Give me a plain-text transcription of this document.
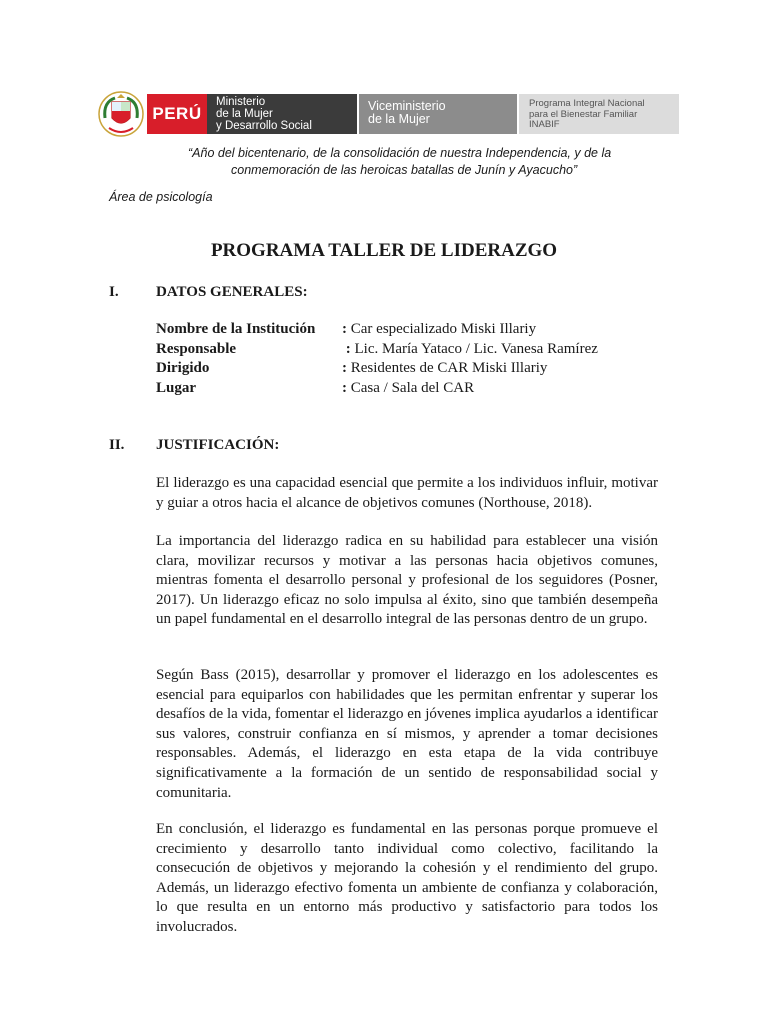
PERÚ
Ministerio
de la Mujer
y Desarrollo Social
Viceministerio
de la Mujer
Programa Integral Nacional
para el Bienestar Familiar
INABIF
“Año del bicentenario, de la consolidación de nuestra Independencia, y de la
conmemoración de las heroicas batallas de Junín y Ayacucho”
Área de psicología
PROGRAMA TALLER DE LIDERAZGO
I. DATOS GENERALES:
Nombre de la Institución	: Car especializado Miski Illariy
Responsable	: Lic. María Yataco / Lic. Vanesa Ramírez
Dirigido	: Residentes de CAR Miski Illariy
Lugar	: Casa / Sala del CAR
II. JUSTIFICACIÓN:

El liderazgo es una capacidad esencial que permite a los individuos influir, motivar y guiar a otros hacia el alcance de objetivos comunes (Northouse, 2018).

La importancia del liderazgo radica en su habilidad para establecer una visión clara, movilizar recursos y motivar a las personas hacia objetivos comunes, mientras fomenta el desarrollo personal y profesional de los seguidores (Posner, 2017). Un liderazgo eficaz no solo impulsa al éxito, sino que también desempeña un papel fundamental en el desarrollo integral de las personas dentro de un grupo.

Según Bass (2015), desarrollar y promover el liderazgo en los adolescentes es esencial para equiparlos con habilidades que les permitan enfrentar y superar los desafíos de la vida, fomentar el liderazgo en jóvenes implica ayudarlos a identificar sus valores, construir confianza en sí mismos, y aprender a tomar decisiones responsables. Además, el liderazgo en esta etapa de la vida contribuye significativamente a la formación de un sentido de responsabilidad social y comunitaria.

En conclusión, el liderazgo es fundamental en las personas porque promueve el crecimiento y desarrollo tanto individual como colectivo, facilitando la consecución de objetivos y mejorando la cohesión y el rendimiento del grupo. Además, un liderazgo efectivo fomenta un ambiente de confianza y colaboración, lo que resulta en un entorno más productivo y satisfactorio para todos los involucrados.
